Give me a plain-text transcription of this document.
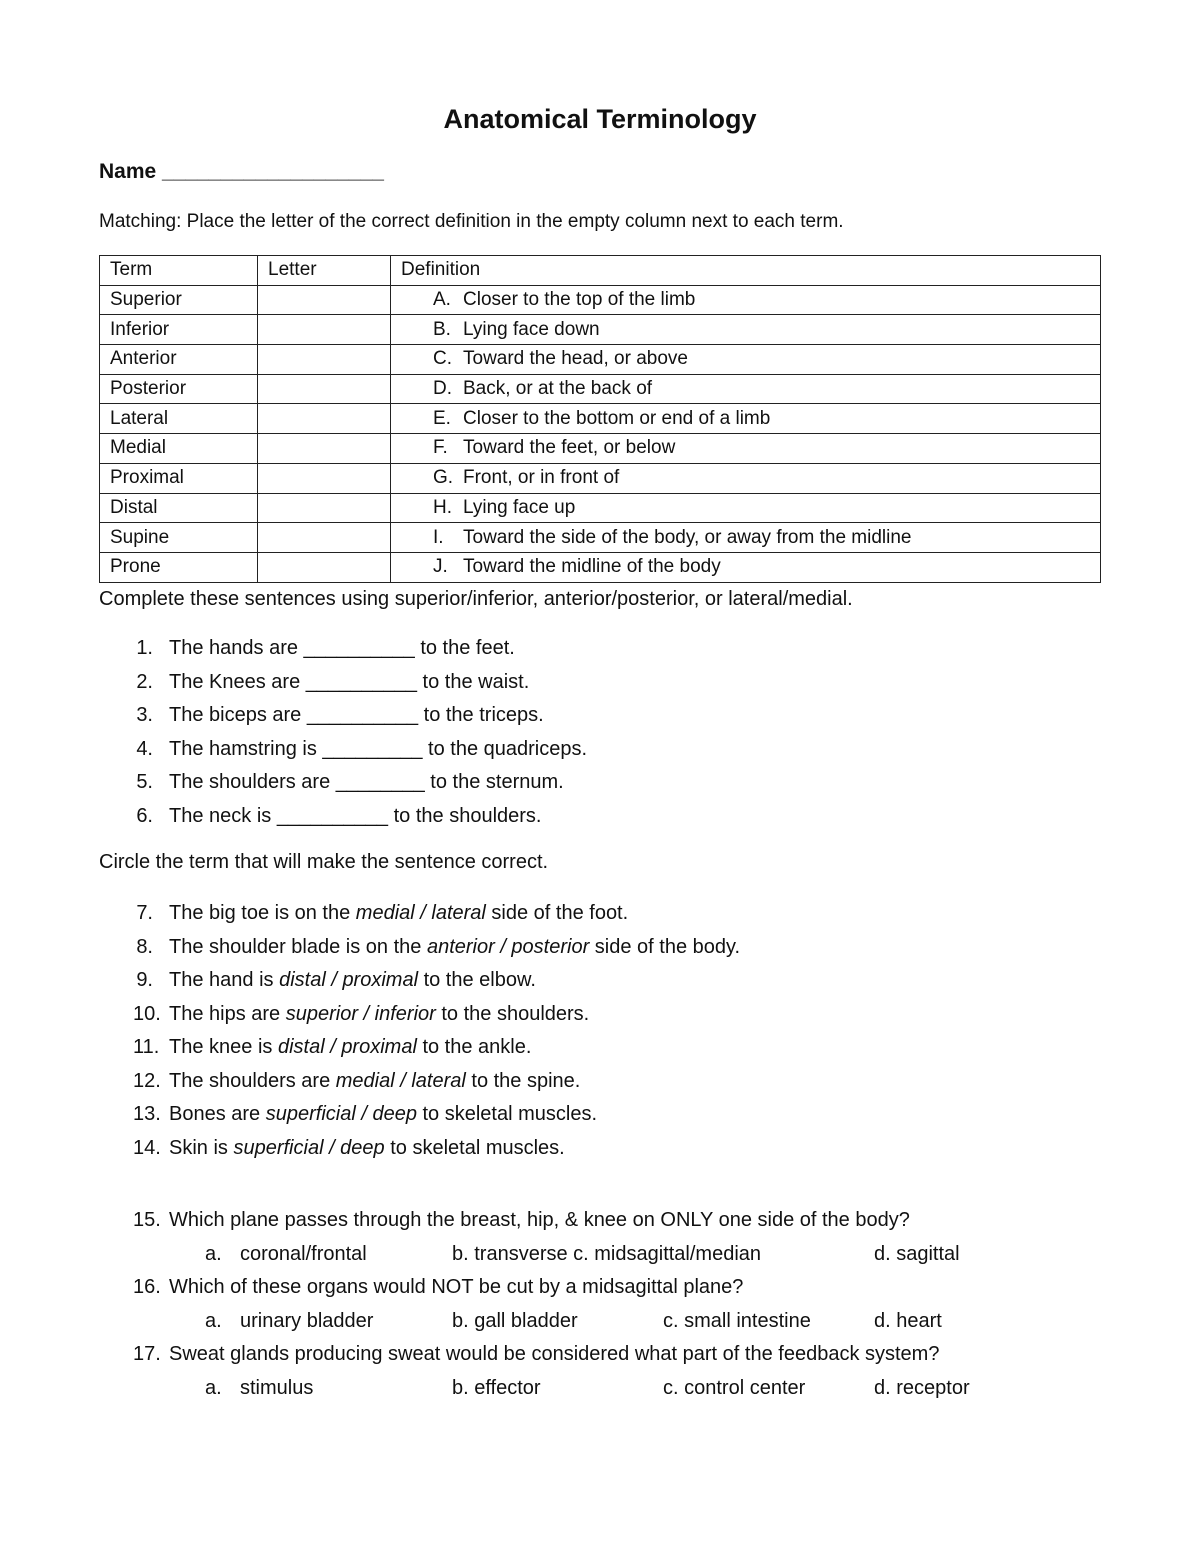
Anatomical Terminology
Name ___________________
Matching: Place the letter of the correct definition in the empty column next to each term.
Term	Letter	Definition
Superior		A. Closer to the top of the limb
Inferior		B. Lying face down
Anterior		C. Toward the head, or above
Posterior		D. Back, or at the back of
Lateral		E. Closer to the bottom or end of a limb
Medial		F. Toward the feet, or below
Proximal		G. Front, or in front of
Distal		H. Lying face up
Supine		I. Toward the side of the body, or away from the midline
Prone		J. Toward the midline of the body
Complete these sentences using superior/inferior, anterior/posterior, or lateral/medial.
1. The hands are __________ to the feet.
2. The Knees are __________ to the waist.
3. The biceps are __________ to the triceps.
4. The hamstring is _________ to the quadriceps.
5. The shoulders are ________ to the sternum.
6. The neck is __________ to the shoulders.
Circle the term that will make the sentence correct.
7. The big toe is on the medial / lateral side of the foot.
8. The shoulder blade is on the anterior / posterior side of the body.
9. The hand is distal / proximal to the elbow.
10. The hips are superior / inferior to the shoulders.
11. The knee is distal / proximal to the ankle.
12. The shoulders are medial / lateral to the spine.
13. Bones are superficial / deep to skeletal muscles.
14. Skin is superficial / deep to skeletal muscles.
15. Which plane passes through the breast, hip, & knee on ONLY one side of the body?
a. coronal/frontal	b. transverse c. midsagittal/median	d. sagittal
16. Which of these organs would NOT be cut by a midsagittal plane?
a. urinary bladder	b. gall bladder	c. small intestine	d. heart
17. Sweat glands producing sweat would be considered what part of the feedback system?
a. stimulus	b. effector	c. control center	d. receptor
